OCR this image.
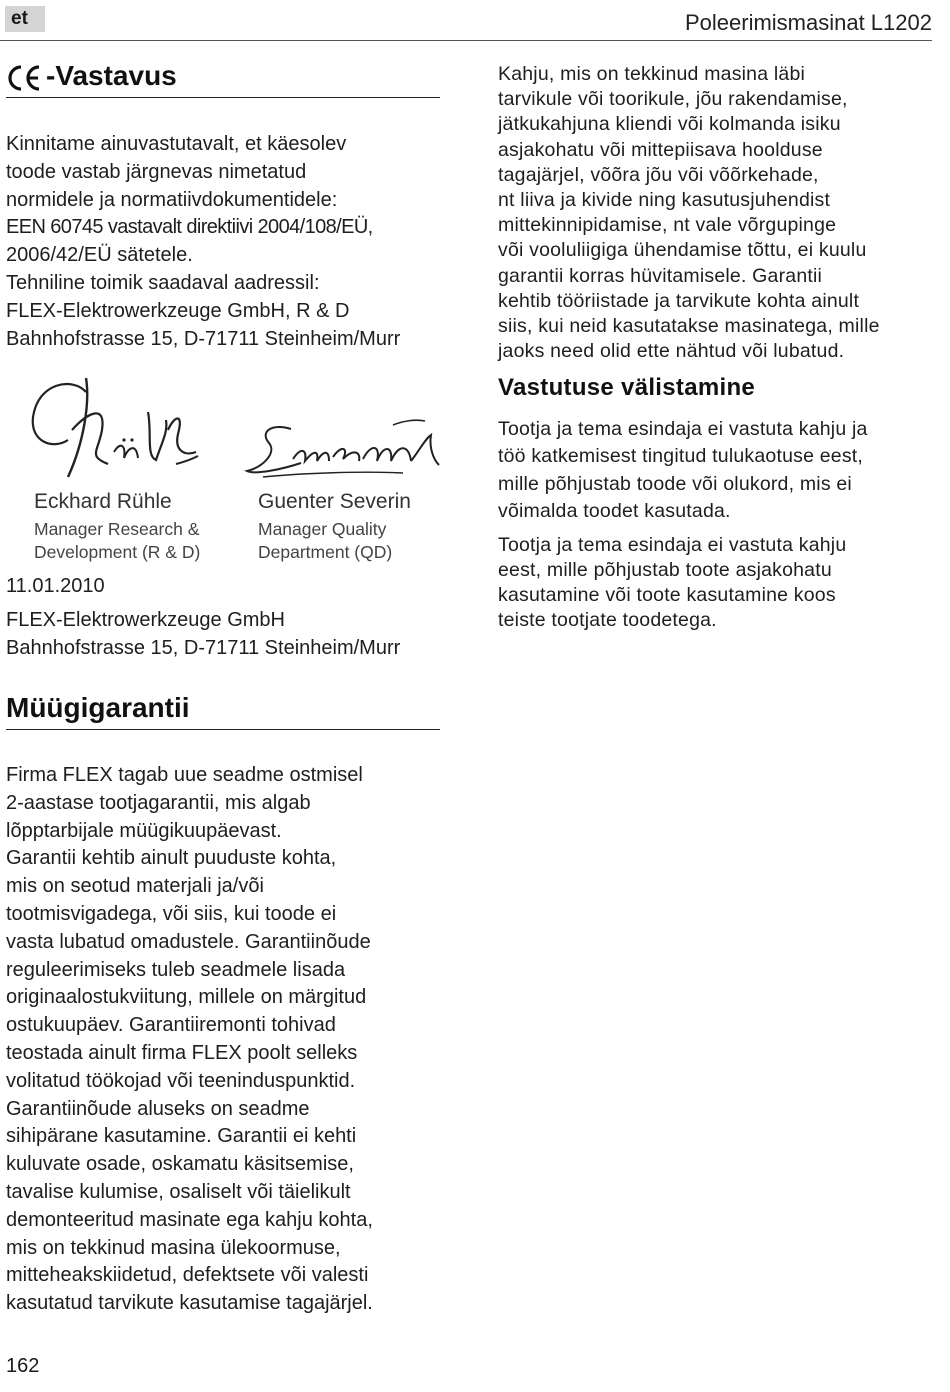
et	Poleerimismasinat L1202
-Vastavus

Kinnitame ainuvastutavalt, et käesolev

toode vastab järgnevas nimetatud

normidele ja normatiivdokumentidele:

EEN 60745 vastavalt direktiivi 2004/108/EÜ,

2006/42/EÜ sätetele.

Tehniline toimik saadaval aadressil:

FLEX-Elektrowerkzeuge GmbH, R & D

Bahnhofstrasse 15, D-71711 Steinheim/Murr

Eckhard Rühle
Manager Research &
Development (R & D)
Guenter Severin
Manager Quality
Department (QD)
11.01.2010
FLEX-Elektrowerkzeuge GmbH
Bahnhofstrasse 15, D-71711 Steinheim/Murr
Müügigarantii

Firma FLEX tagab uue seadme ostmisel

2-aastase tootjagarantii, mis algab

lõpptarbijale müügikuupäevast.

Garantii kehtib ainult puuduste kohta,

mis on seotud materjali ja/või

tootmisvigadega, või siis, kui toode ei

vasta lubatud omadustele. Garantiinõude

reguleerimiseks tuleb seadmele lisada

originaalostukviitung, millele on märgitud

ostukuupäev. Garantiiremonti tohivad

teostada ainult firma FLEX poolt selleks

volitatud töökojad või teeninduspunktid.

Garantiinõude aluseks on seadme

sihipärane kasutamine. Garantii ei kehti

kuluvate osade, oskamatu käsitsemise,

tavalise kulumise, osaliselt või täielikult

demonteeritud masinate ega kahju kohta,

mis on tekkinud masina ülekoormuse,

mitteheakskiidetud, defektsete või valesti

kasutatud tarvikute kasutamise tagajärjel.

Kahju, mis on tekkinud masina läbi

tarvikule või toorikule, jõu rakendamise,

jätkukahjuna kliendi või kolmanda isiku

asjakohatu või mittepiisava hoolduse

tagajärjel, võõra jõu või võõrkehade,

nt liiva ja kivide ning kasutusjuhendist

mittekinnipidamise, nt vale võrgupinge

või vooluliigiga ühendamise tõttu, ei kuulu

garantii korras hüvitamisele. Garantii

kehtib tööriistade ja tarvikute kohta ainult

siis, kui neid kasutatakse masinatega, mille

jaoks need olid ette nähtud või lubatud.

Vastutuse välistamine

Tootja ja tema esindaja ei vastuta kahju ja

töö katkemisest tingitud tulukaotuse eest,

mille põhjustab toode või olukord, mis ei

võimalda toodet kasutada.

Tootja ja tema esindaja ei vastuta kahju

eest, mille põhjustab toote asjakohatu

kasutamine või toote kasutamine koos

teiste tootjate toodetega.

162
